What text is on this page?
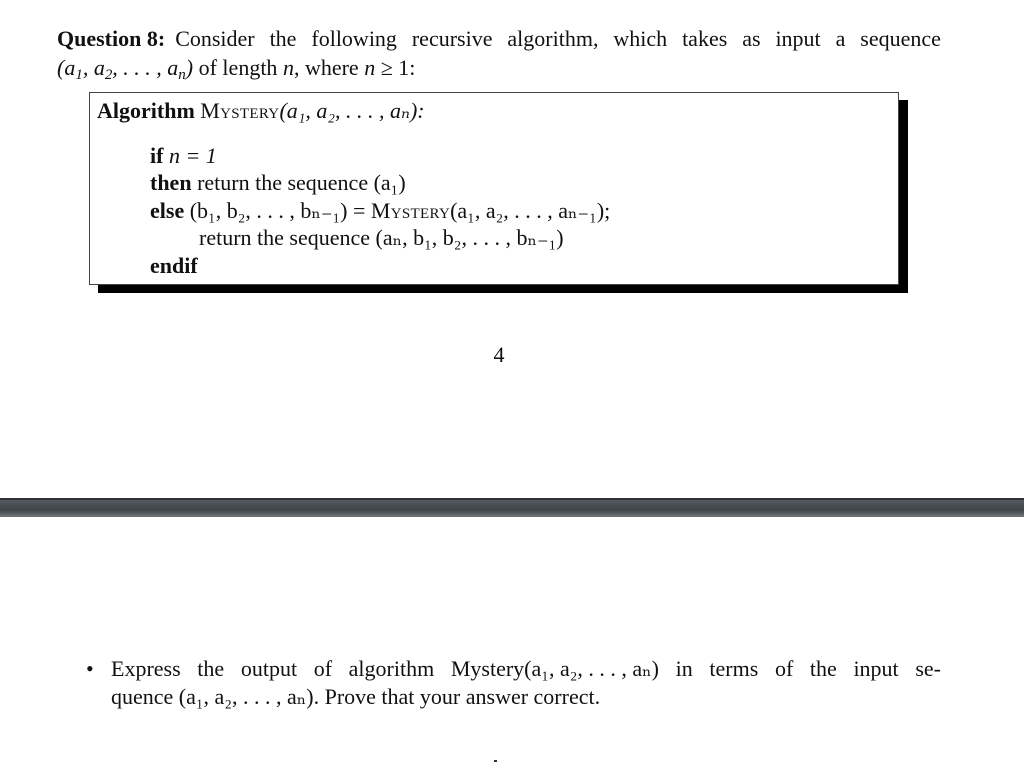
Question 8: Consider the following recursive algorithm, which takes as input a sequence
($a_1$, $a_2$, . . . , $a_n$) of length n, where n ≥ 1:
Algorithm Mystery(a₁, a₂, . . . , aₙ):
if n = 1
then return the sequence (a₁)
else (b₁, b₂, . . . , bₙ₋₁) = Mystery(a₁, a₂, . . . , aₙ₋₁);
return the sequence (aₙ, b₁, b₂, . . . , bₙ₋₁)
endif
4
• Express the output of algorithm Mystery(a₁, a₂, . . . , aₙ) in terms of the input se-
quence (a₁, a₂, . . . , aₙ). Prove that your answer correct.
